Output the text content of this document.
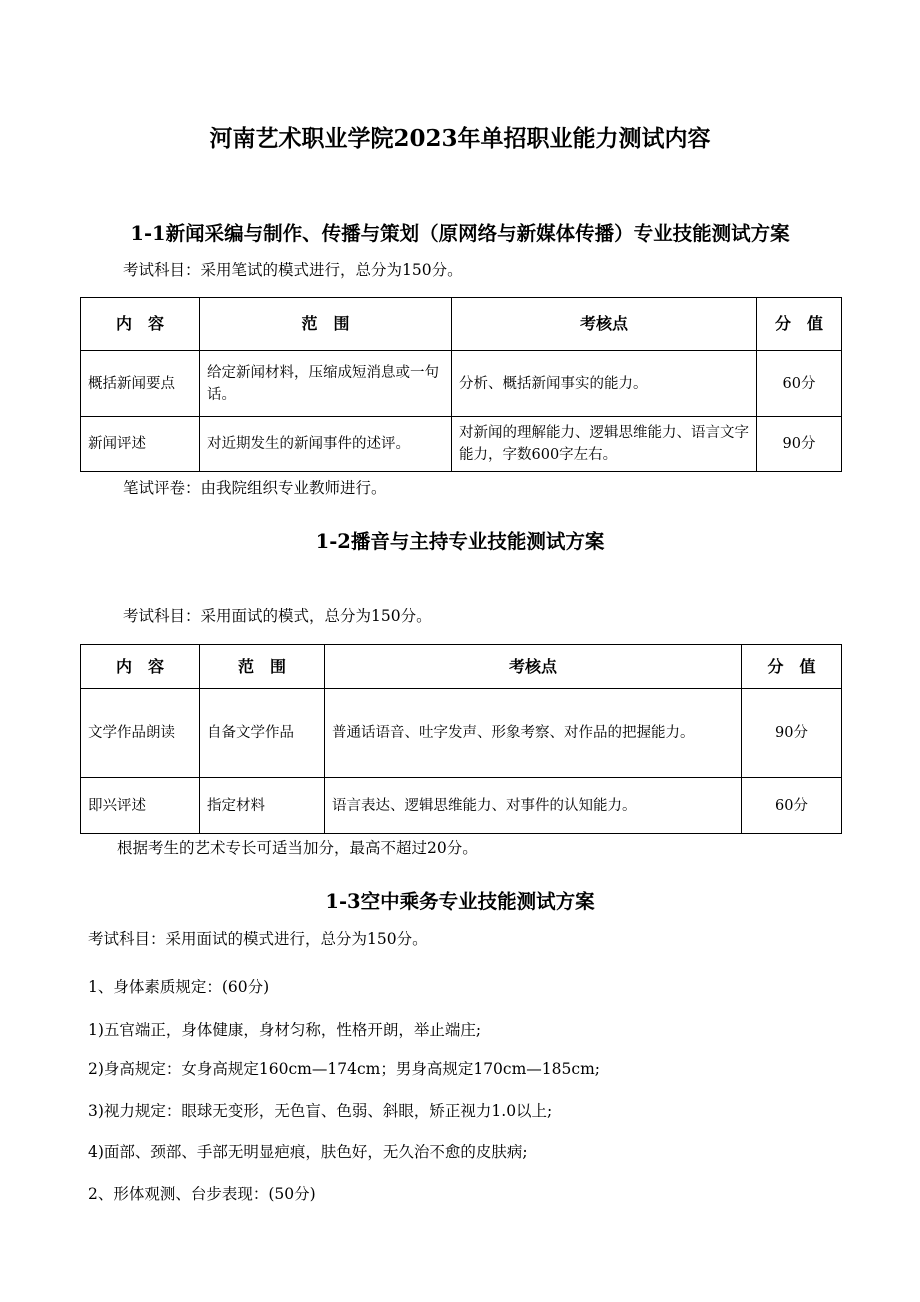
河南艺术职业学院2023年单招职业能力测试内容
1-1新闻采编与制作、传播与策划（原网络与新媒体传播）专业技能测试方案
考试科目：采用笔试的模式进行，总分为150分。
内　容	范　围	考核点	分　值
概括新闻要点	给定新闻材料，压缩成短消息或一句话。	分析、概括新闻事实的能力。	60分
新闻评述	对近期发生的新闻事件的述评。	对新闻的理解能力、逻辑思维能力、语言文字能力，字数600字左右。	90分
笔试评卷：由我院组织专业教师进行。
1-2播音与主持专业技能测试方案
考试科目：采用面试的模式，总分为150分。
内　容	范　围	考核点	分　值
文学作品朗读	自备文学作品	普通话语音、吐字发声、形象考察、对作品的把握能力。	90分
即兴评述	指定材料	语言表达、逻辑思维能力、对事件的认知能力。	60分
根据考生的艺术专长可适当加分，最高不超过20分。
1-3空中乘务专业技能测试方案
考试科目：采用面试的模式进行，总分为150分。
1、身体素质规定：(60分)
1)五官端正，身体健康，身材匀称，性格开朗，举止端庄;
2)身高规定：女身高规定160cm—174cm；男身高规定170cm—185cm;
3)视力规定：眼球无变形，无色盲、色弱、斜眼，矫正视力1.0以上;
4)面部、颈部、手部无明显疤痕，肤色好，无久治不愈的皮肤病;
2、形体观测、台步表现：(50分)
